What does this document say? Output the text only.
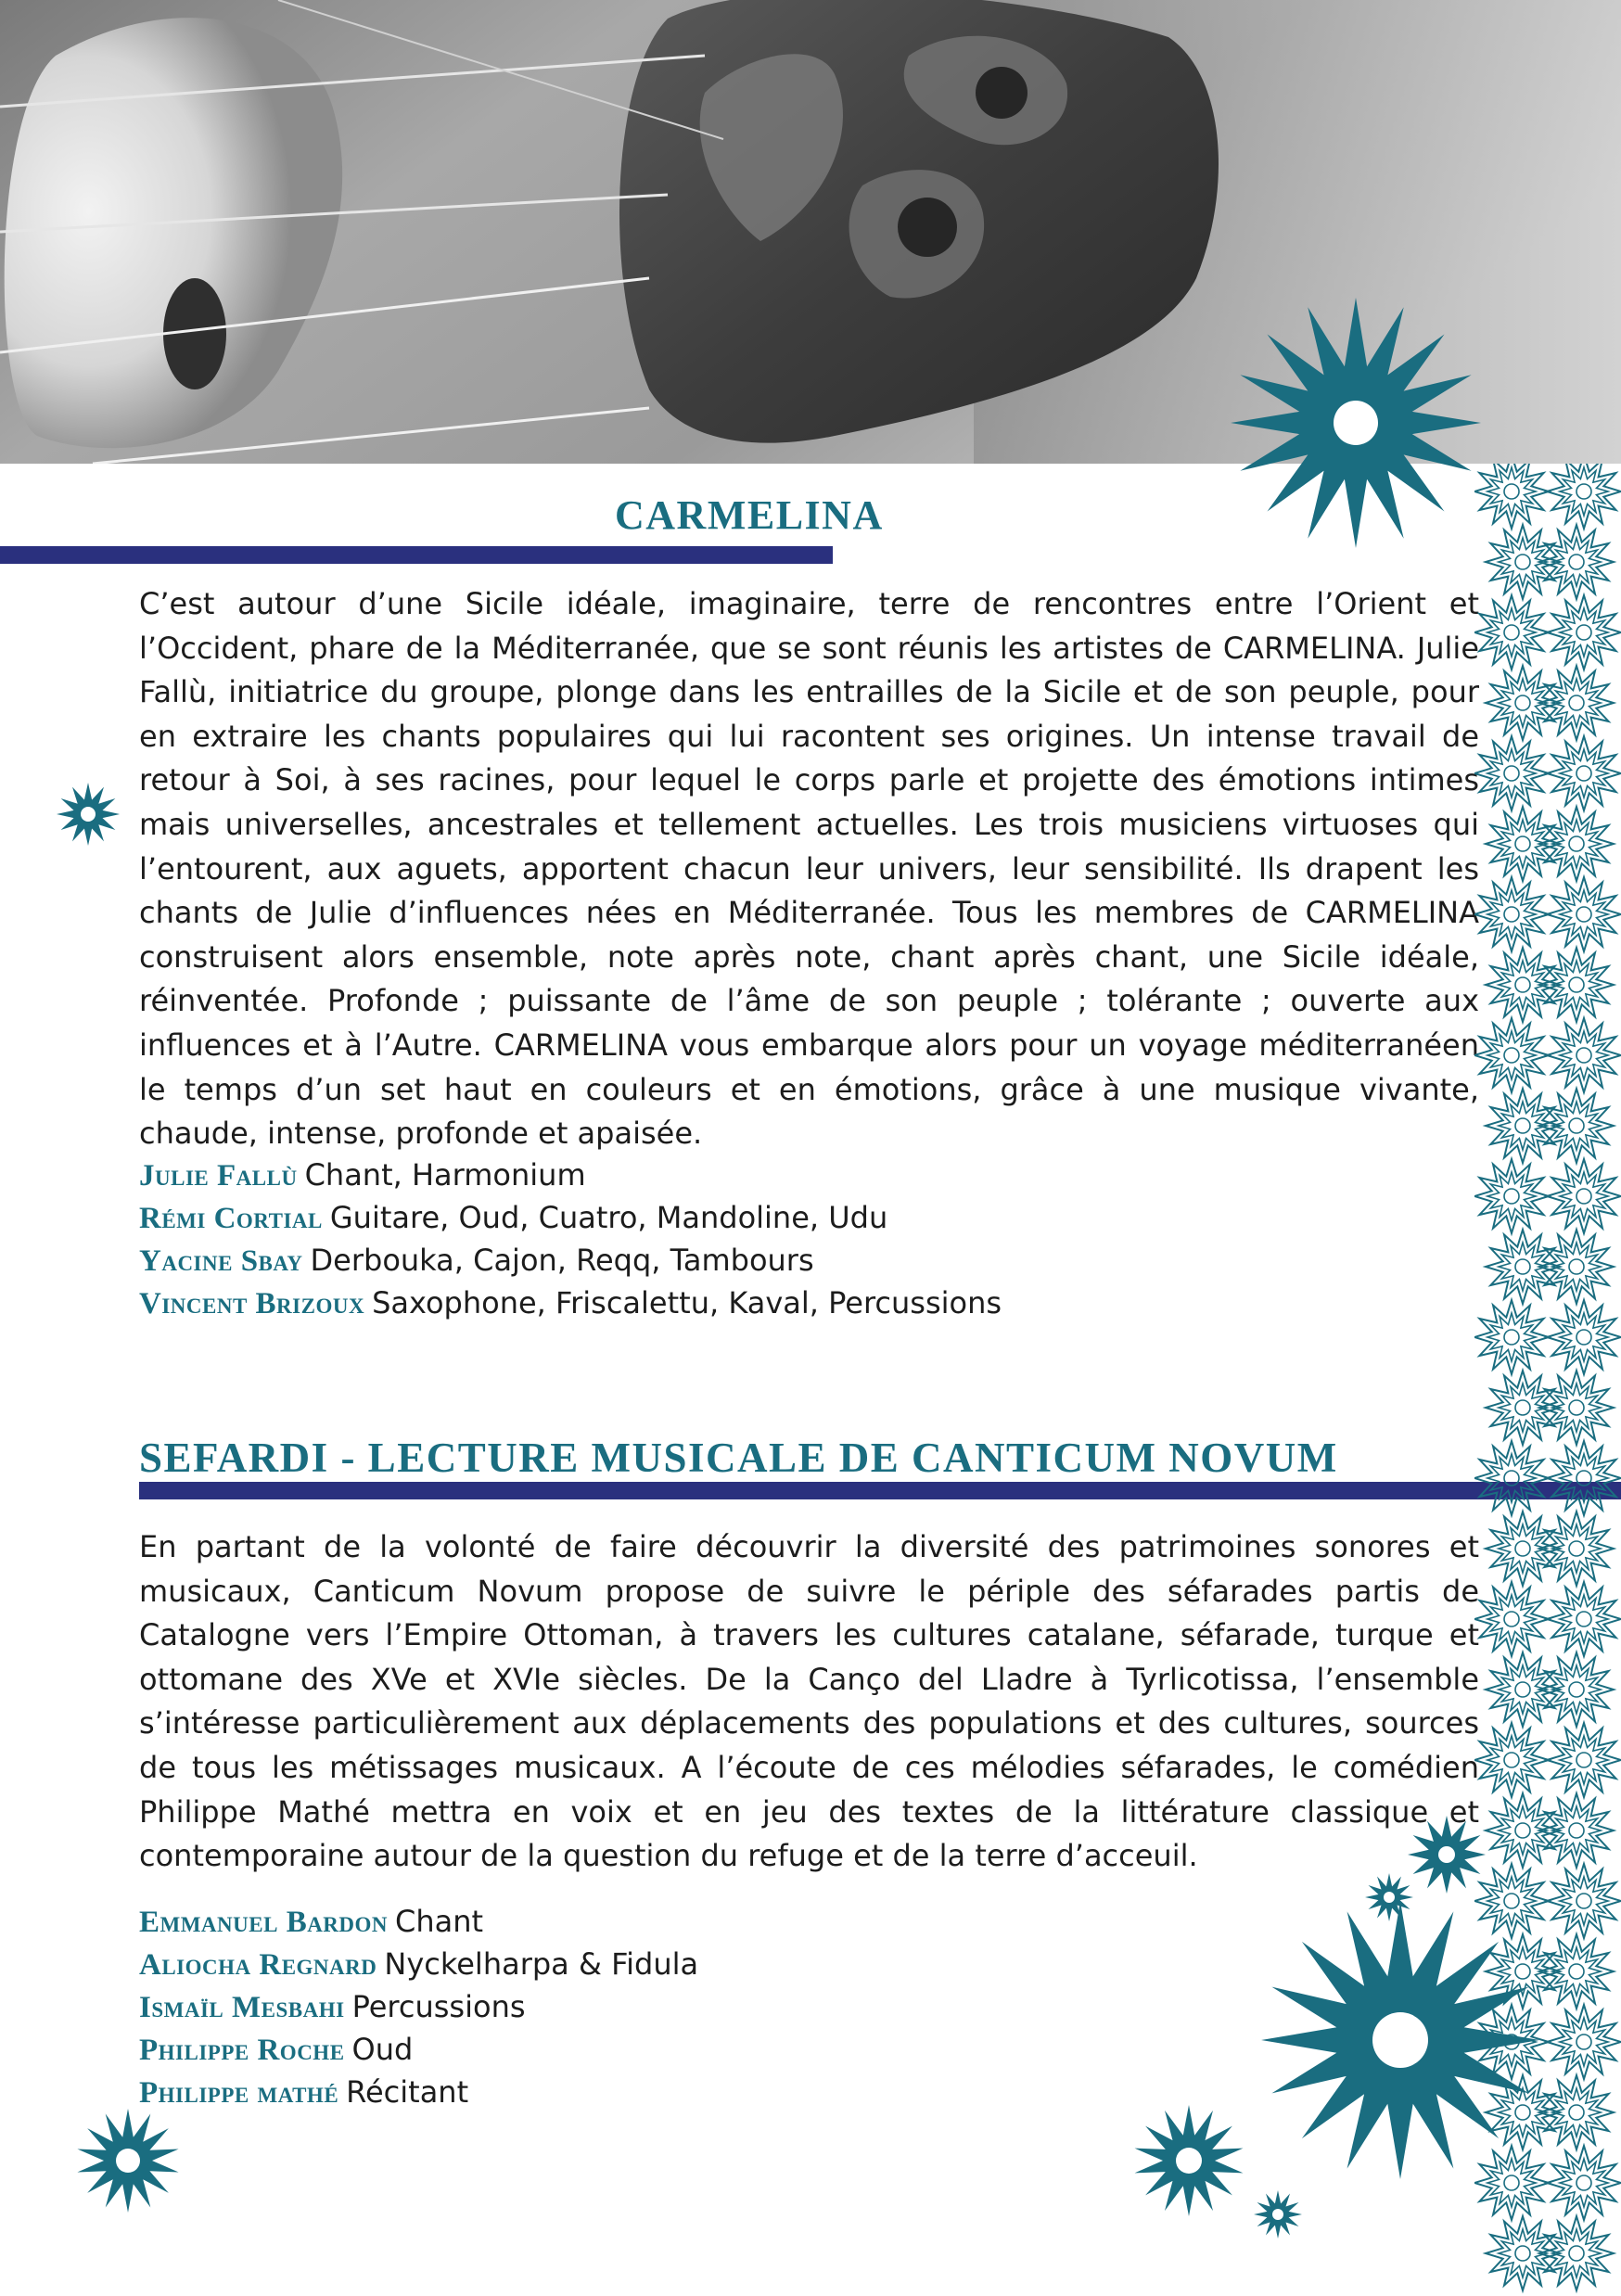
CARMELINA

C’est autour d’une Sicile idéale, imaginaire, terre de rencontres entre l’Orient et l’Occident, phare de la Méditerranée, que se sont réunis les artistes de CARMELINA. Julie Fallù, initiatrice du groupe, plonge dans les entrailles de la Sicile et de son peuple, pour en extraire les chants populaires qui lui racontent ses origines. Un intense travail de retour à Soi, à ses racines, pour lequel le corps parle et projette des émotions intimes mais universelles, ancestrales et tellement actuelles. Les trois musiciens virtuoses qui l’entourent, aux aguets, apportent chacun leur univers, leur sensibilité. Ils drapent les chants de Julie d’influences nées en Méditerranée. Tous les membres de CARMELINA construisent alors ensemble, note après note, chant après chant, une Sicile idéale, réinventée. Profonde ; puissante de l’âme de son peuple ; tolérante ; ouverte aux influences et à l’Autre. CARMELINA vous embarque alors pour un voyage méditerranéen le temps d’un set haut en couleurs et en émotions, grâce à une musique vivante, chaude, intense, profonde et apaisée.

Julie Fallù Chant, Harmonium
Rémi Cortial Guitare, Oud, Cuatro, Mandoline, Udu
Yacine Sbay Derbouka, Cajon, Reqq, Tambours
Vincent Brizoux Saxophone, Friscalettu, Kaval, Percussions
SEFARDI - LECTURE MUSICALE DE CANTICUM NOVUM

En partant de la volonté de faire découvrir la diversité des patrimoines sonores et musicaux, Canticum Novum propose de suivre le périple des séfarades partis de Catalogne vers l’Empire Ottoman, à travers les cultures catalane, séfarade, turque et ottomane des XVe et XVIe siècles. De la Canço del Lladre à Tyrlicotissa, l’ensemble s’intéresse particulièrement aux déplacements des populations et des cultures, sources de tous les métissages musicaux. A l’écoute de ces mélodies séfarades, le comédien Philippe Mathé mettra en voix et en jeu des textes de la littérature classique et contemporaine autour de la question du refuge et de la terre d’acceuil.

Emmanuel Bardon Chant
Aliocha Regnard Nyckelharpa & Fidula
Ismaïl Mesbahi Percussions
Philippe Roche Oud
Philippe mathé Récitant
